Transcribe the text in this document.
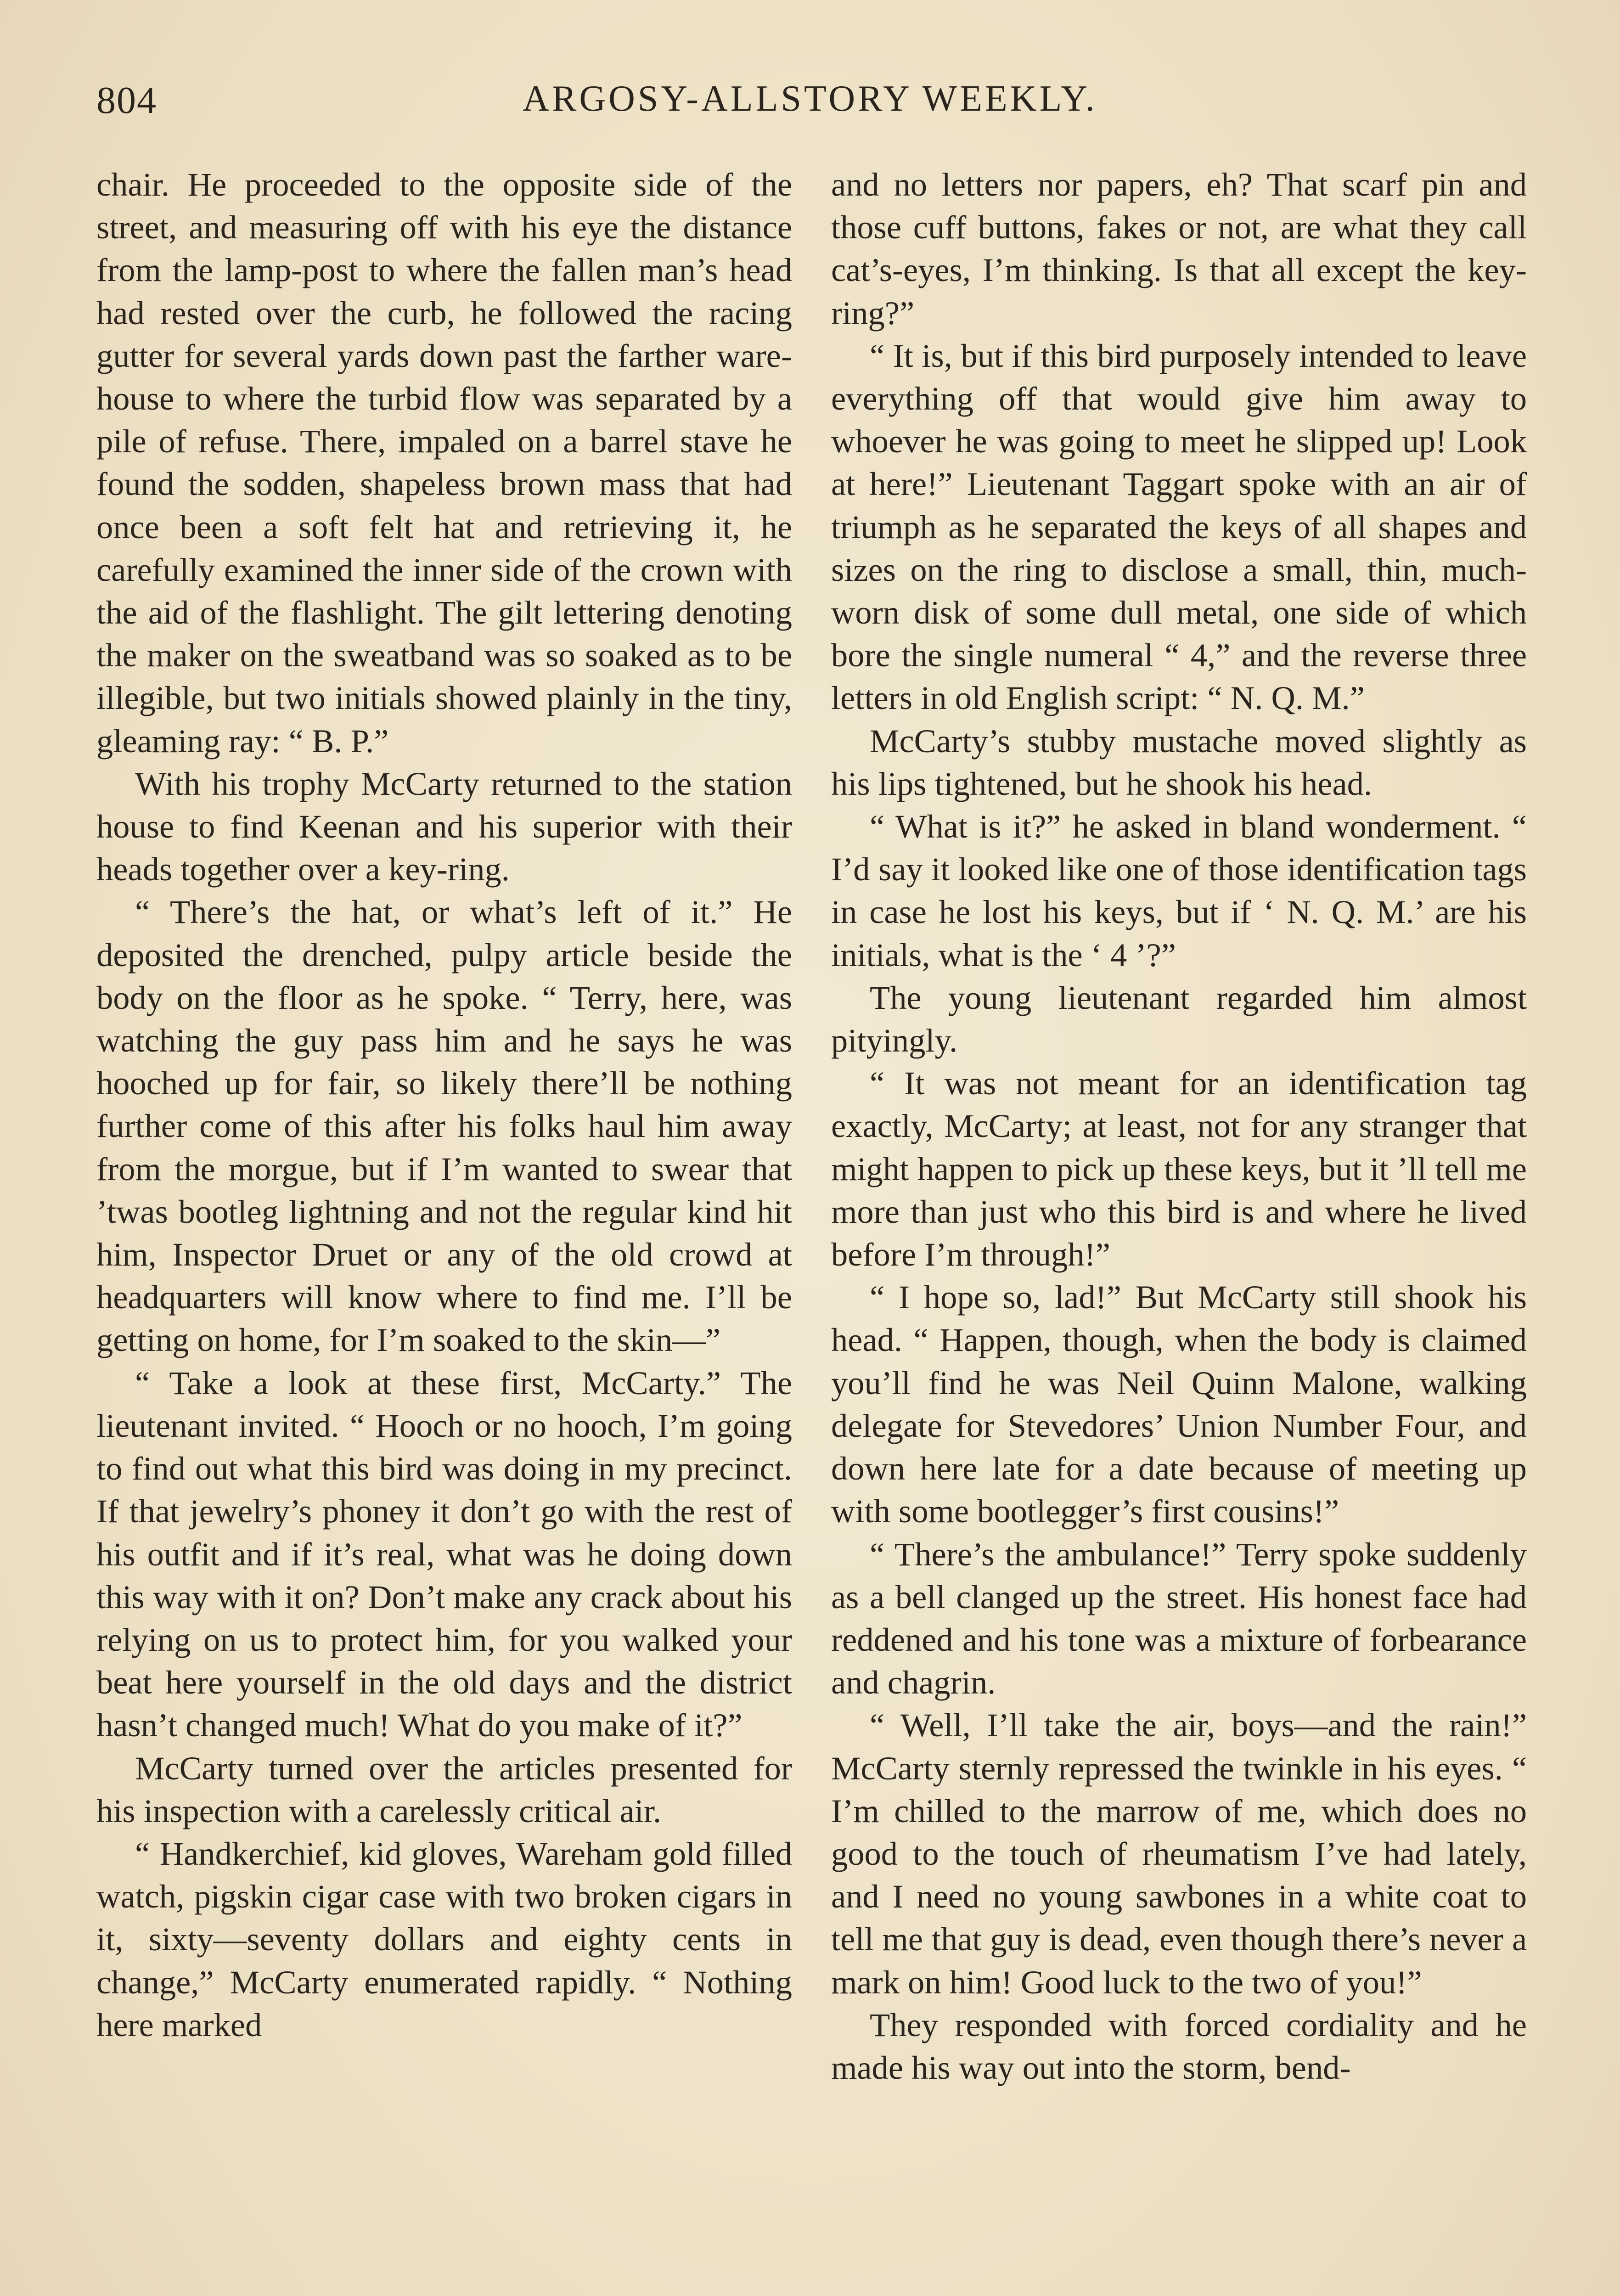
804	ARGOSY-ALLSTORY WEEKLY.

chair. He proceeded to the opposite side of the street, and measuring off with his eye the distance from the lamp-post to where the fallen man’s head had rested over the curb, he followed the racing gutter for several yards down past the farther warehouse to where the turbid flow was separated by a pile of refuse. There, impaled on a barrel stave he found the sodden, shapeless brown mass that had once been a soft felt hat and retrieving it, he carefully examined the inner side of the crown with the aid of the flashlight. The gilt lettering denoting the maker on the sweatband was so soaked as to be illegible, but two initials showed plainly in the tiny, gleaming ray: “ B. P.”

With his trophy McCarty returned to the station house to find Keenan and his superior with their heads together over a key-ring.

“ There’s the hat, or what’s left of it.” He deposited the drenched, pulpy article beside the body on the floor as he spoke. “ Terry, here, was watching the guy pass him and he says he was hooched up for fair, so likely there’ll be nothing further come of this after his folks haul him away from the morgue, but if I’m wanted to swear that ’twas bootleg lightning and not the regular kind hit him, Inspector Druet or any of the old crowd at headquarters will know where to find me. I’ll be getting on home, for I’m soaked to the skin—”

“ Take a look at these first, McCarty.” The lieutenant invited. “ Hooch or no hooch, I’m going to find out what this bird was doing in my precinct. If that jewelry’s phoney it don’t go with the rest of his outfit and if it’s real, what was he doing down this way with it on? Don’t make any crack about his relying on us to protect him, for you walked your beat here yourself in the old days and the district hasn’t changed much! What do you make of it?”

McCarty turned over the articles presented for his inspection with a carelessly critical air.

“ Handkerchief, kid gloves, Wareham gold filled watch, pigskin cigar case with two broken cigars in it, sixty—seventy dollars and eighty cents in change,” McCarty enumerated rapidly. “ Nothing here marked

and no letters nor papers, eh? That scarf pin and those cuff buttons, fakes or not, are what they call cat’s-eyes, I’m thinking. Is that all except the key-ring?”

“ It is, but if this bird purposely intended to leave everything off that would give him away to whoever he was going to meet he slipped up! Look at here!” Lieutenant Taggart spoke with an air of triumph as he separated the keys of all shapes and sizes on the ring to disclose a small, thin, muchworn disk of some dull metal, one side of which bore the single numeral “ 4,” and the reverse three letters in old English script: “ N. Q. M.”

McCarty’s stubby mustache moved slightly as his lips tightened, but he shook his head.

“ What is it?” he asked in bland wonderment. “ I’d say it looked like one of those identification tags in case he lost his keys, but if ‘ N. Q. M.’ are his initials, what is the ‘ 4 ’?”

The young lieutenant regarded him almost pityingly.

“ It was not meant for an identification tag exactly, McCarty; at least, not for any stranger that might happen to pick up these keys, but it ’ll tell me more than just who this bird is and where he lived before I’m through!”

“ I hope so, lad!” But McCarty still shook his head. “ Happen, though, when the body is claimed you’ll find he was Neil Quinn Malone, walking delegate for Stevedores’ Union Number Four, and down here late for a date because of meeting up with some bootlegger’s first cousins!”

“ There’s the ambulance!” Terry spoke suddenly as a bell clanged up the street. His honest face had reddened and his tone was a mixture of forbearance and chagrin.

“ Well, I’ll take the air, boys—and the rain!” McCarty sternly repressed the twinkle in his eyes. “ I’m chilled to the marrow of me, which does no good to the touch of rheumatism I’ve had lately, and I need no young sawbones in a white coat to tell me that guy is dead, even though there’s never a mark on him! Good luck to the two of you!”

They responded with forced cordiality and he made his way out into the storm, bend-
